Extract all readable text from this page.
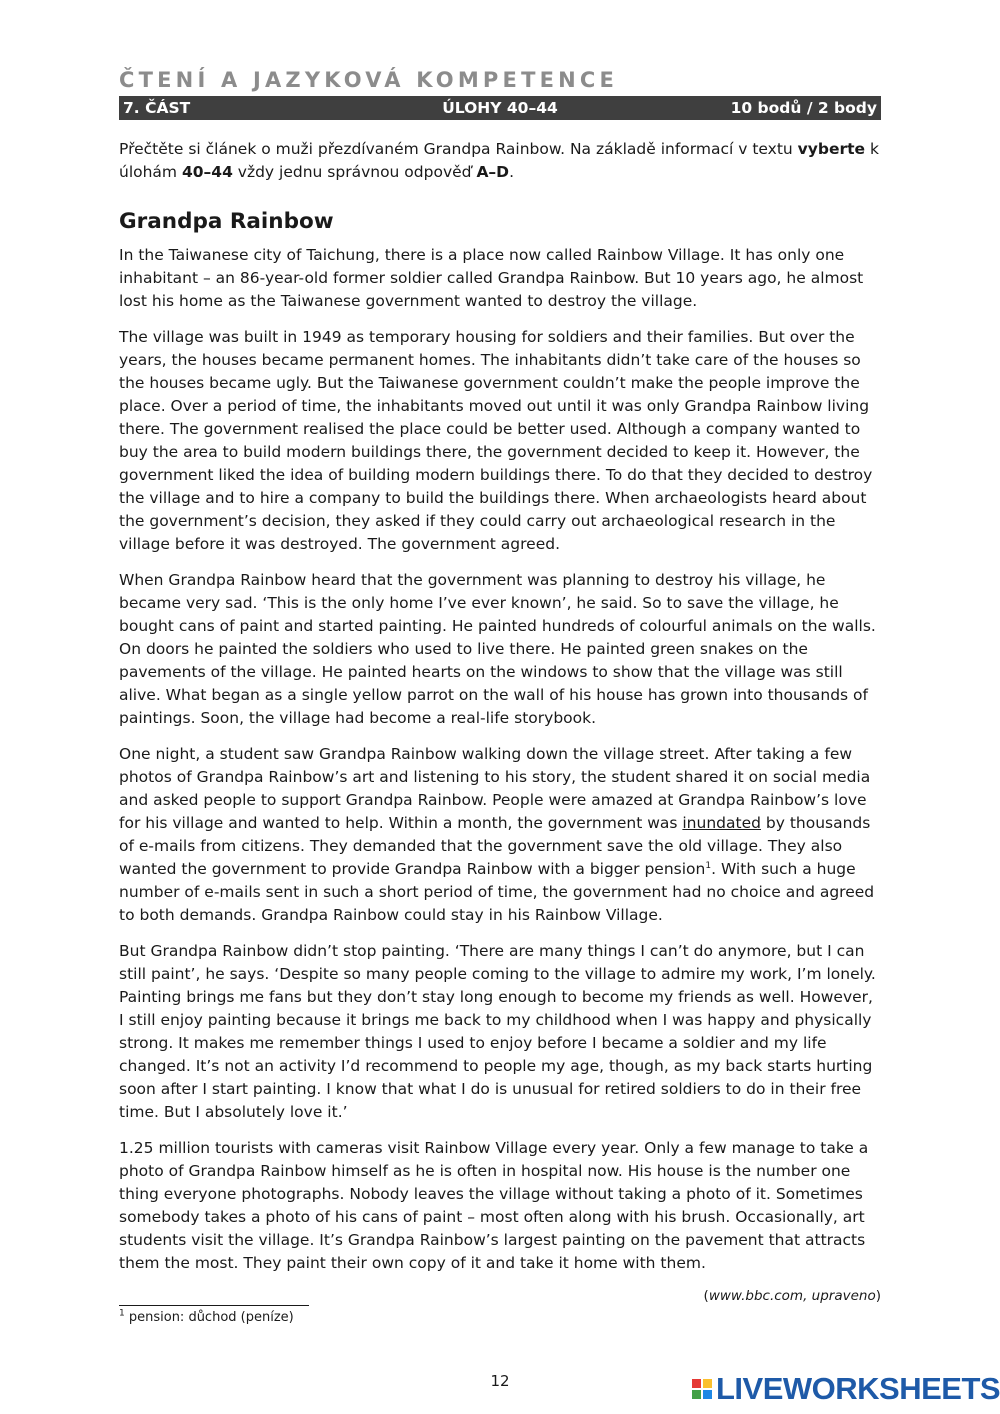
ČTENÍ A JAZYKOVÁ KOMPETENCE
7. ČÁST	ÚLOHY 40–44	10 bodů / 2 body
Přečtěte si článek o muži přezdívaném Grandpa Rainbow. Na základě informací v textu vyberte k úlohám 40–44 vždy jednu správnou odpověď A–D.
Grandpa Rainbow

In the Taiwanese city of Taichung, there is a place now called Rainbow Village. It has only one inhabitant – an 86-year-old former soldier called Grandpa Rainbow. But 10 years ago, he almost lost his home as the Taiwanese government wanted to destroy the village.

The village was built in 1949 as temporary housing for soldiers and their families. But over the years, the houses became permanent homes. The inhabitants didn’t take care of the houses so the houses became ugly. But the Taiwanese government couldn’t make the people improve the place. Over a period of time, the inhabitants moved out until it was only Grandpa Rainbow living there. The government realised the place could be better used. Although a company wanted to buy the area to build modern buildings there, the government decided to keep it. However, the government liked the idea of building modern buildings there. To do that they decided to destroy the village and to hire a company to build the buildings there. When archaeologists heard about the government’s decision, they asked if they could carry out archaeological research in the village before it was destroyed. The government agreed.

When Grandpa Rainbow heard that the government was planning to destroy his village, he became very sad. ‘This is the only home I’ve ever known’, he said. So to save the village, he bought cans of paint and started painting. He painted hundreds of colourful animals on the walls. On doors he painted the soldiers who used to live there. He painted green snakes on the pavements of the village. He painted hearts on the windows to show that the village was still alive. What began as a single yellow parrot on the wall of his house has grown into thousands of paintings. Soon, the village had become a real-life storybook.

One night, a student saw Grandpa Rainbow walking down the village street. After taking a few photos of Grandpa Rainbow’s art and listening to his story, the student shared it on social media and asked people to support Grandpa Rainbow. People were amazed at Grandpa Rainbow’s love for his village and wanted to help. Within a month, the government was inundated by thousands of e-mails from citizens. They demanded that the government save the old village. They also wanted the government to provide Grandpa Rainbow with a bigger pension$^1$. With such a huge number of e-mails sent in such a short period of time, the government had no choice and agreed to both demands. Grandpa Rainbow could stay in his Rainbow Village.

But Grandpa Rainbow didn’t stop painting. ‘There are many things I can’t do anymore, but I can still paint’, he says. ‘Despite so many people coming to the village to admire my work, I’m lonely. Painting brings me fans but they don’t stay long enough to become my friends as well. However, I still enjoy painting because it brings me back to my childhood when I was happy and physically strong. It makes me remember things I used to enjoy before I became a soldier and my life changed. It’s not an activity I’d recommend to people my age, though, as my back starts hurting soon after I start painting. I know that what I do is unusual for retired soldiers to do in their free time. But I absolutely love it.’

1.25 million tourists with cameras visit Rainbow Village every year. Only a few manage to take a photo of Grandpa Rainbow himself as he is often in hospital now. His house is the number one thing everyone photographs. Nobody leaves the village without taking a photo of it. Sometimes somebody takes a photo of his cans of paint – most often along with his brush. Occasionally, art students visit the village. It’s Grandpa Rainbow’s largest painting on the pavement that attracts them the most. They paint their own copy of it and take it home with them.

(www.bbc.com, upraveno)
$^1$ pension: důchod (peníze)
12	LIVEWORKSHEETS
